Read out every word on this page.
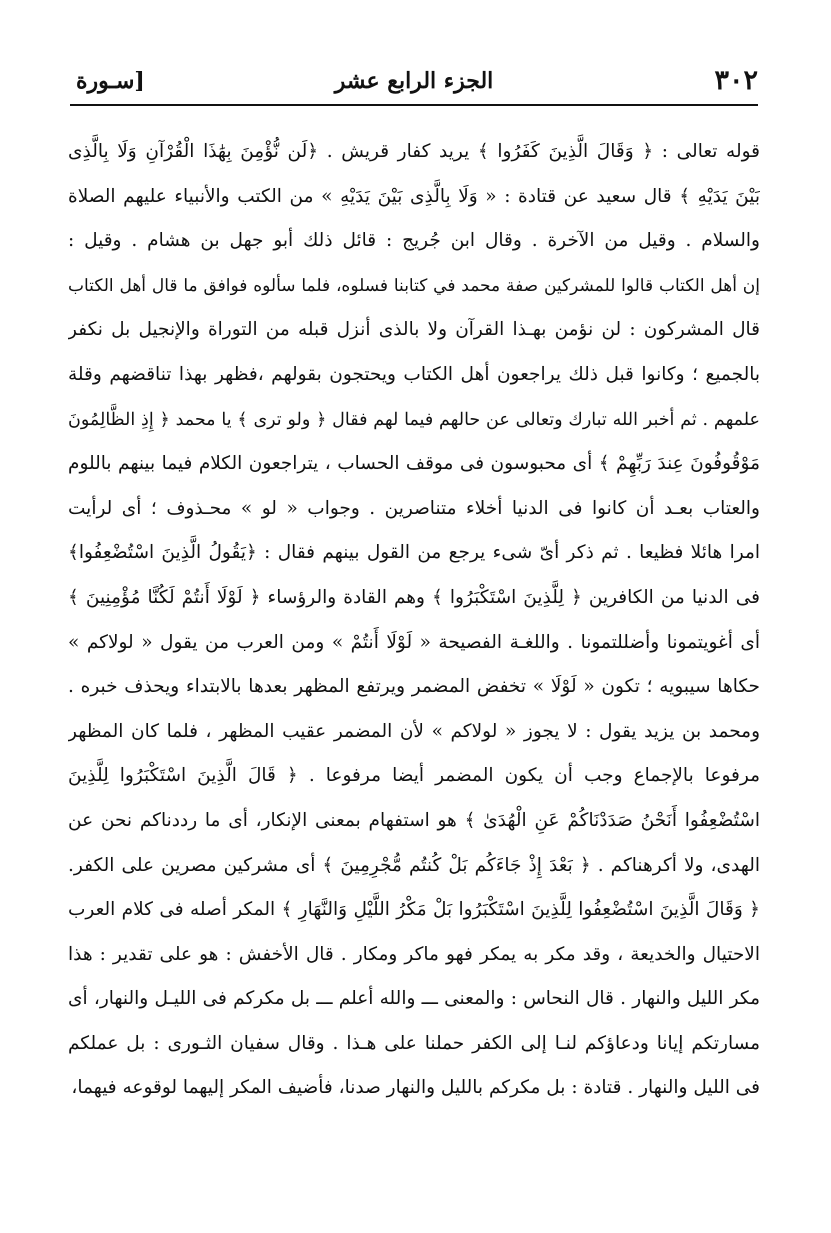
٣٠٢
الجزء الرابع عشر
[سـورة
قوله تعالى : ﴿ وَقَالَ الَّذِينَ كَفَرُوا ﴾ يريد كفار قريش . ﴿لَن نُّؤْمِنَ بِهَٰذَا الْقُرْآنِ وَلَا بِالَّذِى
بَيْنَ يَدَيْهِ ﴾ قال سعيد عن قتادة : « وَلَا بِالَّذِى بَيْنَ يَدَيْهِ » من الكتب والأنبياء عليهم الصلاة
والسلام . وقيل من الآخرة . وقال ابن جُريج : قائل ذلك أبو جهل بن هشام . وقيل :
إن أهل الكتاب قالوا للمشركين صفة محمد في كتابنا فسلوه، فلما سألوه فوافق ما قال أهل الكتاب
قال المشركون : لن نؤمن بهـذا القرآن ولا بالذى أنزل قبله من التوراة والإنجيل بل نكفر
بالجميع ؛ وكانوا قبل ذلك يراجعون أهل الكتاب ويحتجون بقولهم ،فظهر بهذا تناقضهم وقلة
علمهم . ثم أخبر الله تبارك وتعالى عن حالهم فيما لهم فقال ﴿ ولو ترى ﴾ يا محمد ﴿ إِذِ الظَّالِمُونَ
مَوْقُوفُونَ عِندَ رَبِّهِمْ ﴾ أى محبوسون فى موقف الحساب ، يتراجعون الكلام فيما بينهم باللوم
والعتاب بعـد أن كانوا فى الدنيا أخلاء متناصرين . وجواب « لو » محـذوف ؛ أى لرأيت
امرا هائلا فظيعا . ثم ذكر أىّ شىء يرجع من القول بينهم فقال : ﴿يَقُولُ الَّذِينَ اسْتُضْعِفُوا﴾
فى الدنيا من الكافرين ﴿ لِلَّذِينَ اسْتَكْبَرُوا ﴾ وهم القادة والرؤساء ﴿ لَوْلَا أَنتُمْ لَكُنَّا مُؤْمِنِينَ ﴾
أى أغويتمونا وأضللتمونا . واللغـة الفصيحة « لَوْلَا أَنتُمْ » ومن العرب من يقول « لولاكم »
حكاها سيبويه ؛ تكون « لَوْلَا » تخفض المضمر ويرتفع المظهر بعدها بالابتداء ويحذف خبره .
ومحمد بن يزيد يقول : لا يجوز « لولاكم » لأن المضمر عقيب المظهر ، فلما كان المظهر
مرفوعا بالإجماع وجب أن يكون المضمر أيضا مرفوعا . ﴿ قَالَ الَّذِينَ اسْتَكْبَرُوا لِلَّذِينَ
اسْتُضْعِفُوا أَنَحْنُ صَدَدْنَاكُمْ عَنِ الْهُدَىٰ ﴾ هو استفهام بمعنى الإنكار، أى ما رددناكم نحن عن
الهدى، ولا أكرهناكم . ﴿ بَعْدَ إِذْ جَاءَكُم بَلْ كُنتُم مُّجْرِمِينَ ﴾ أى مشركين مصرين على الكفر.
﴿ وَقَالَ الَّذِينَ اسْتُضْعِفُوا لِلَّذِينَ اسْتَكْبَرُوا بَلْ مَكْرُ اللَّيْلِ وَالنَّهَارِ ﴾ المكر أصله فى كلام العرب
الاحتيال والخديعة ، وقد مكر به يمكر فهو ماكر ومكار . قال الأخفش : هو على تقدير : هذا
مكر الليل والنهار . قال النحاس : والمعنى ـــ والله أعلم ـــ بل مكركم فى الليـل والنهار، أى
مسارتكم إيانا ودعاؤكم لنـا إلى الكفر حملنا على هـذا . وقال سفيان الثـورى : بل عملكم
فى الليل والنهار . قتادة : بل مكركم بالليل والنهار صدنا، فأضيف المكر إليهما لوقوعه فيهما،
